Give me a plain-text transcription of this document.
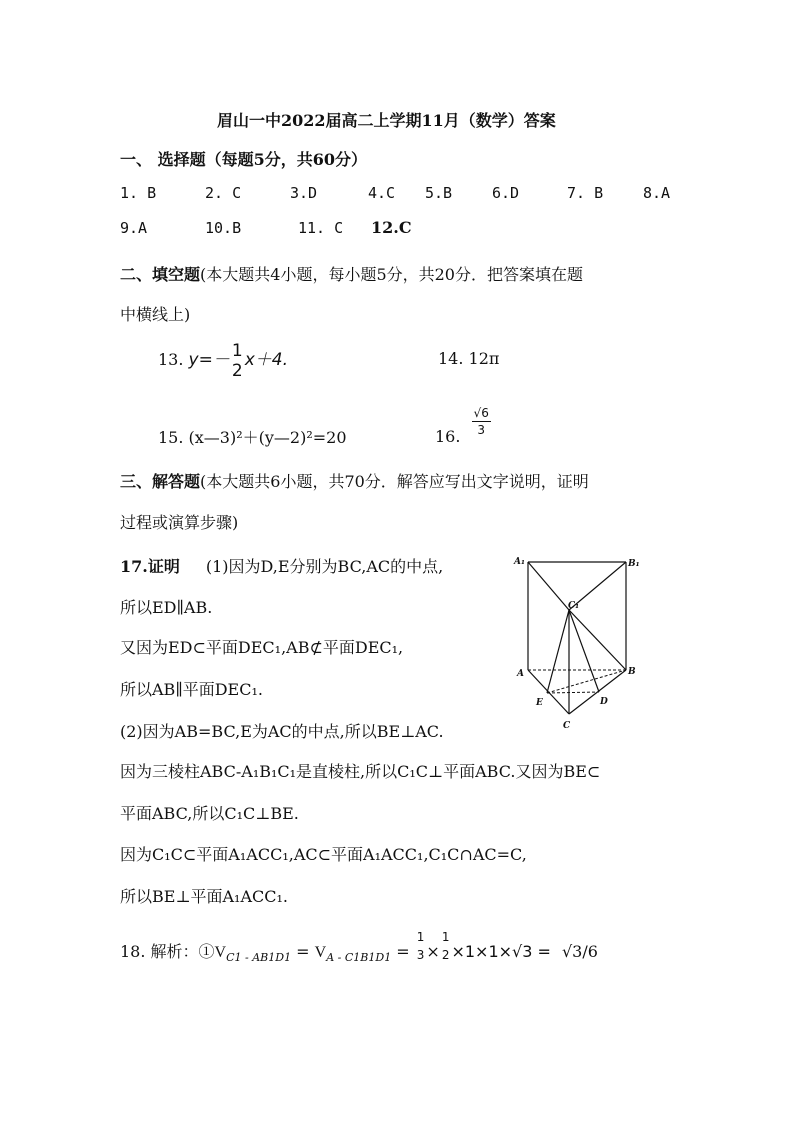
眉山一中2022届高二上学期11月（数学）答案
一、 选择题（每题5分，共60分）
1. B	2. C	3.D	4.C 5.B	6.D	7. B	8.A
9.A	10.B	11. C 12.C
二、填空题(本大题共4小题，每小题5分，共20分．把答案填在题
中横线上)
13. y=－ 1
2
x＋4.	14. 12π
15. (x—3)²＋(y—2)²=20	16. $\frac{√6}{3}$
三、解答题(本大题共6小题，共70分．解答应写出文字说明，证明
过程或演算步骤)
17.证明 (1)因为D,E分别为BC,AC的中点,
所以ED∥AB.
又因为ED⊂平面DEC₁,AB⊄平面DEC₁,
所以AB∥平面DEC₁.
(2)因为AB=BC,E为AC的中点,所以BE⊥AC.
因为三棱柱ABC-A₁B₁C₁是直棱柱,所以C₁C⊥平面ABC.又因为BE⊂
平面ABC,所以C₁C⊥BE.
因为C₁C⊂平面A₁ACC₁,AC⊂平面A₁ACC₁,C₁C∩AC=C,
所以BE⊥平面A₁ACC₁.
A₁	B₁
C₁
A	B
E	D
C
18. 解析：$①V_{C1 - AB1D1} = V_{A - C1B1D1}$ =
1
3 ×
1
2 ×1×1×√3 = √3/6
